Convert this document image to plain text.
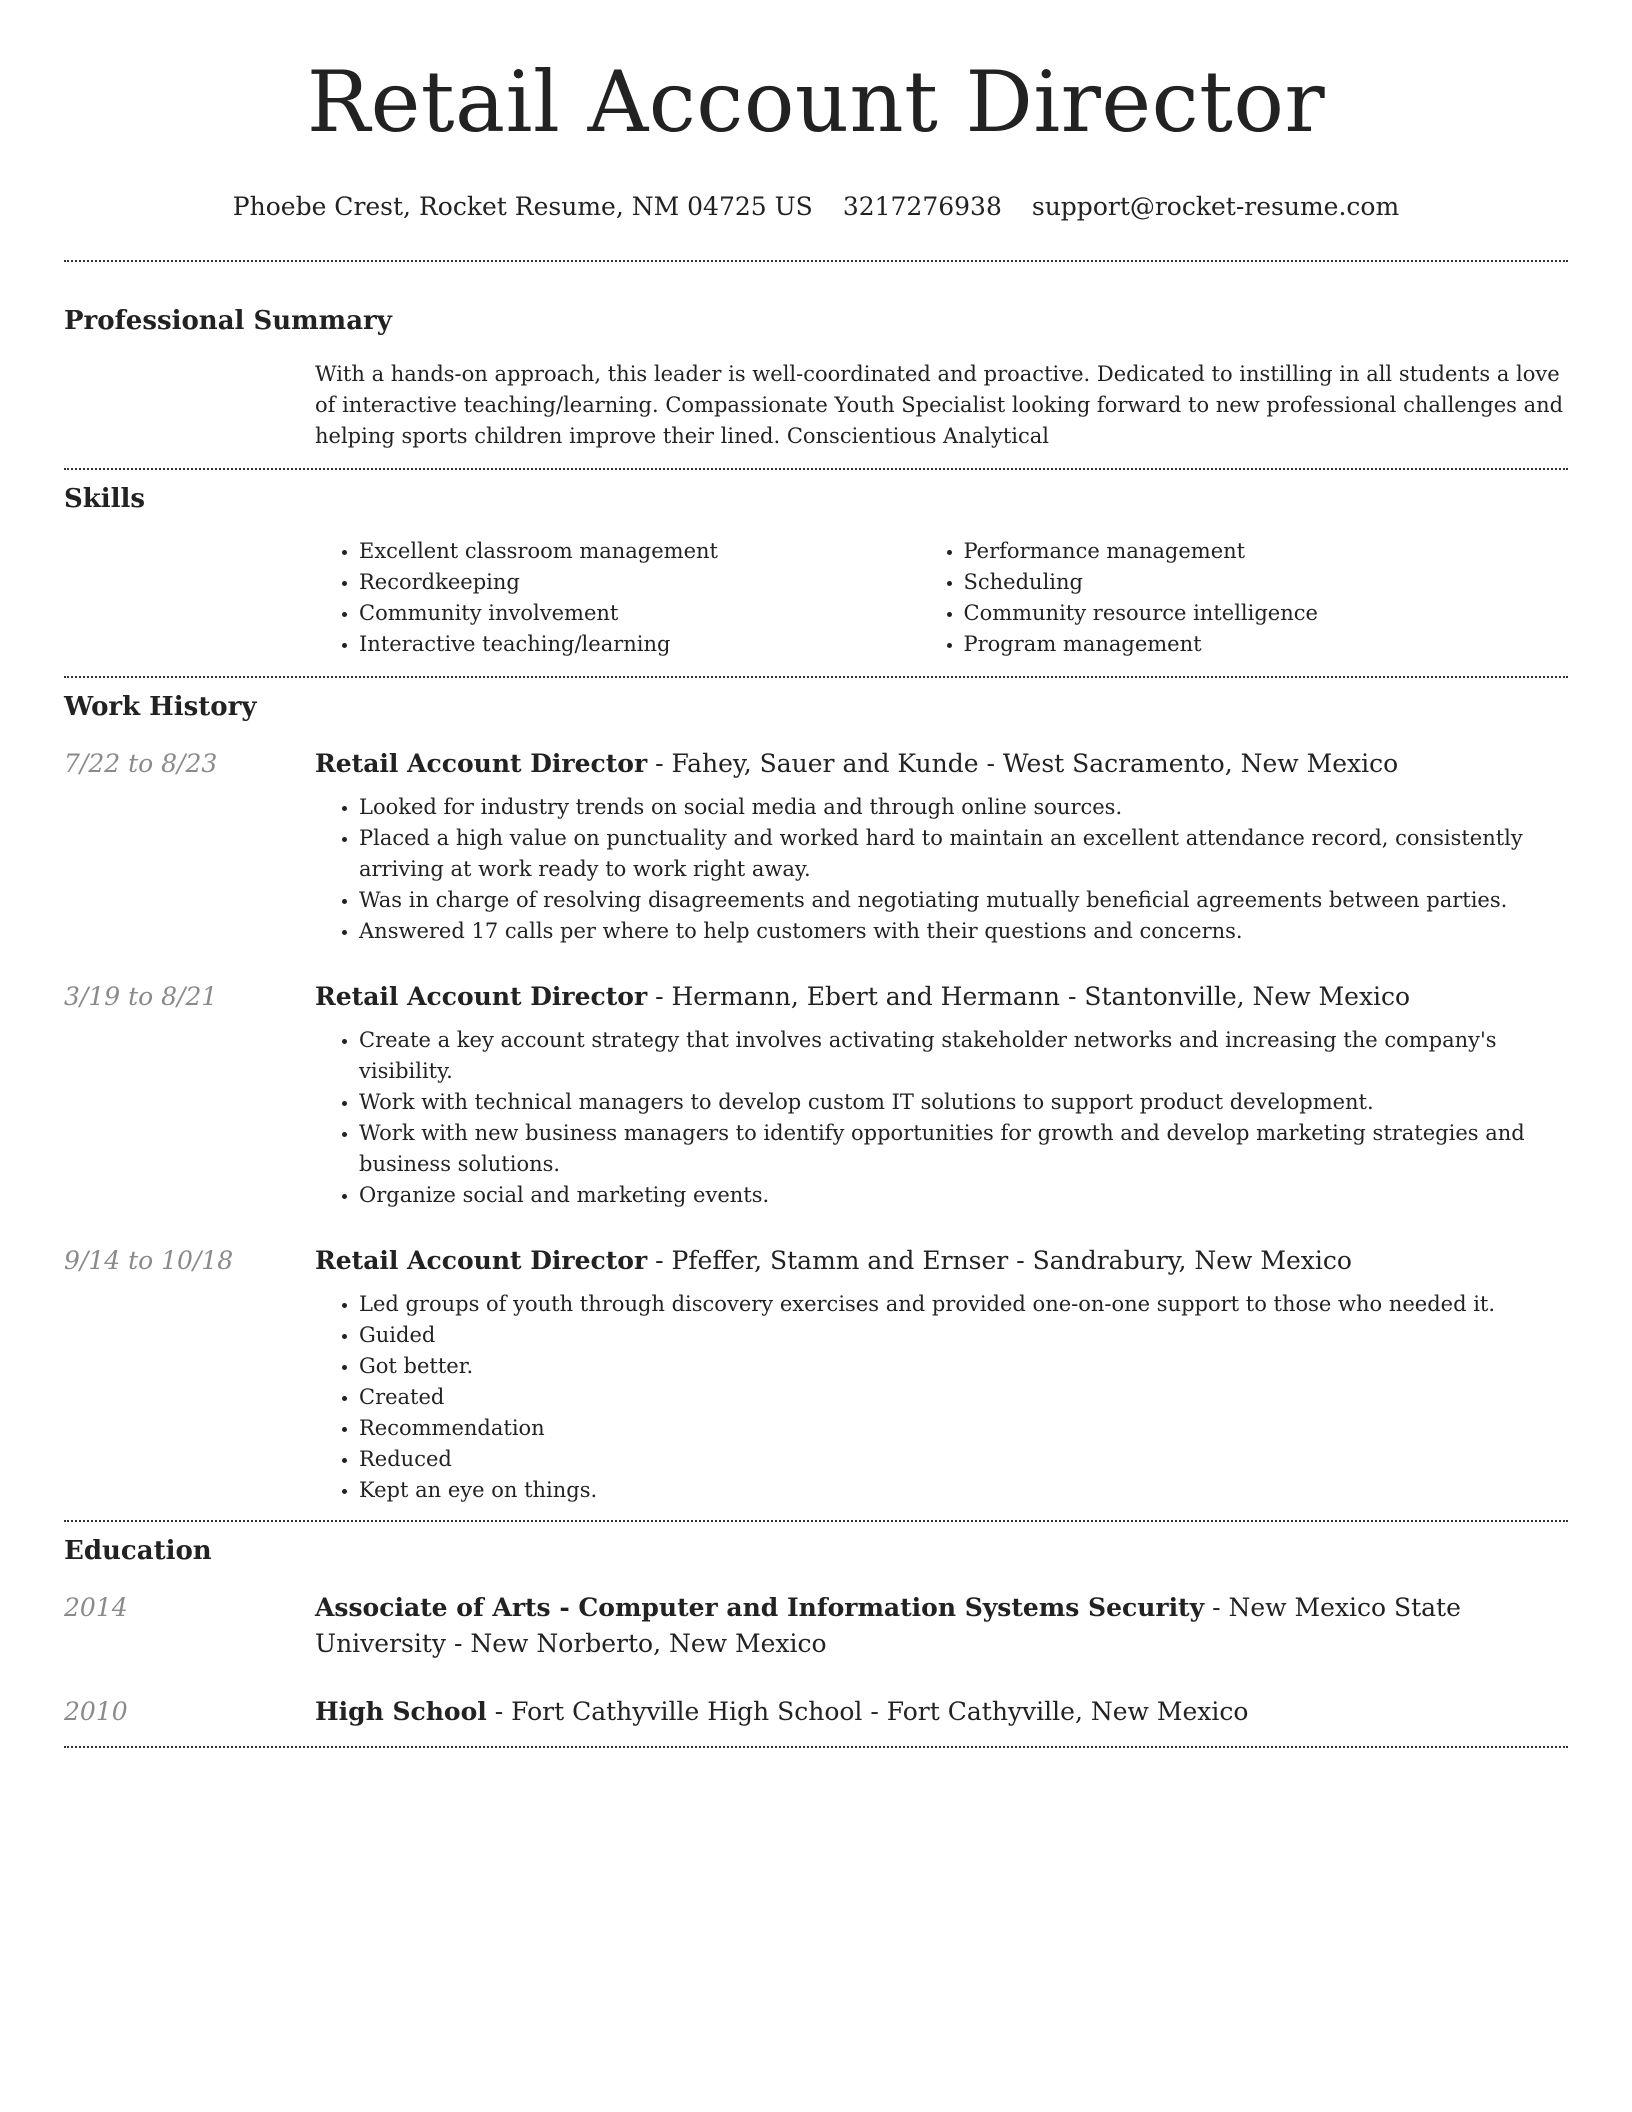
Retail Account Director
Phoebe Crest, Rocket Resume, NM 04725 US 3217276938 support@rocket-resume.com
Professional Summary
With a hands-on approach, this leader is well-coordinated and proactive. Dedicated to instilling in all students a love of interactive teaching/learning. Compassionate Youth Specialist looking forward to new professional challenges and helping sports children improve their lined. Conscientious Analytical
Skills
• Excellent classroom management
• Recordkeeping
• Community involvement
• Interactive teaching/learning
• Performance management
• Scheduling
• Community resource intelligence
• Program management
Work History
7/22 to 8/23	Retail Account Director - Fahey, Sauer and Kunde - West Sacramento, New Mexico
• Looked for industry trends on social media and through online sources.
• Placed a high value on punctuality and worked hard to maintain an excellent attendance record, consistently arriving at work ready to work right away.
• Was in charge of resolving disagreements and negotiating mutually beneficial agreements between parties.
• Answered 17 calls per where to help customers with their questions and concerns.
3/19 to 8/21	Retail Account Director - Hermann, Ebert and Hermann - Stantonville, New Mexico
• Create a key account strategy that involves activating stakeholder networks and increasing the company's visibility.
• Work with technical managers to develop custom IT solutions to support product development.
• Work with new business managers to identify opportunities for growth and develop marketing strategies and business solutions.
• Organize social and marketing events.
9/14 to 10/18	Retail Account Director - Pfeffer, Stamm and Ernser - Sandrabury, New Mexico
• Led groups of youth through discovery exercises and provided one-on-one support to those who needed it.
• Guided
• Got better.
• Created
• Recommendation
• Reduced
• Kept an eye on things.
Education
2014	Associate of Arts - Computer and Information Systems Security - New Mexico State University - New Norberto, New Mexico
2010	High School - Fort Cathyville High School - Fort Cathyville, New Mexico
